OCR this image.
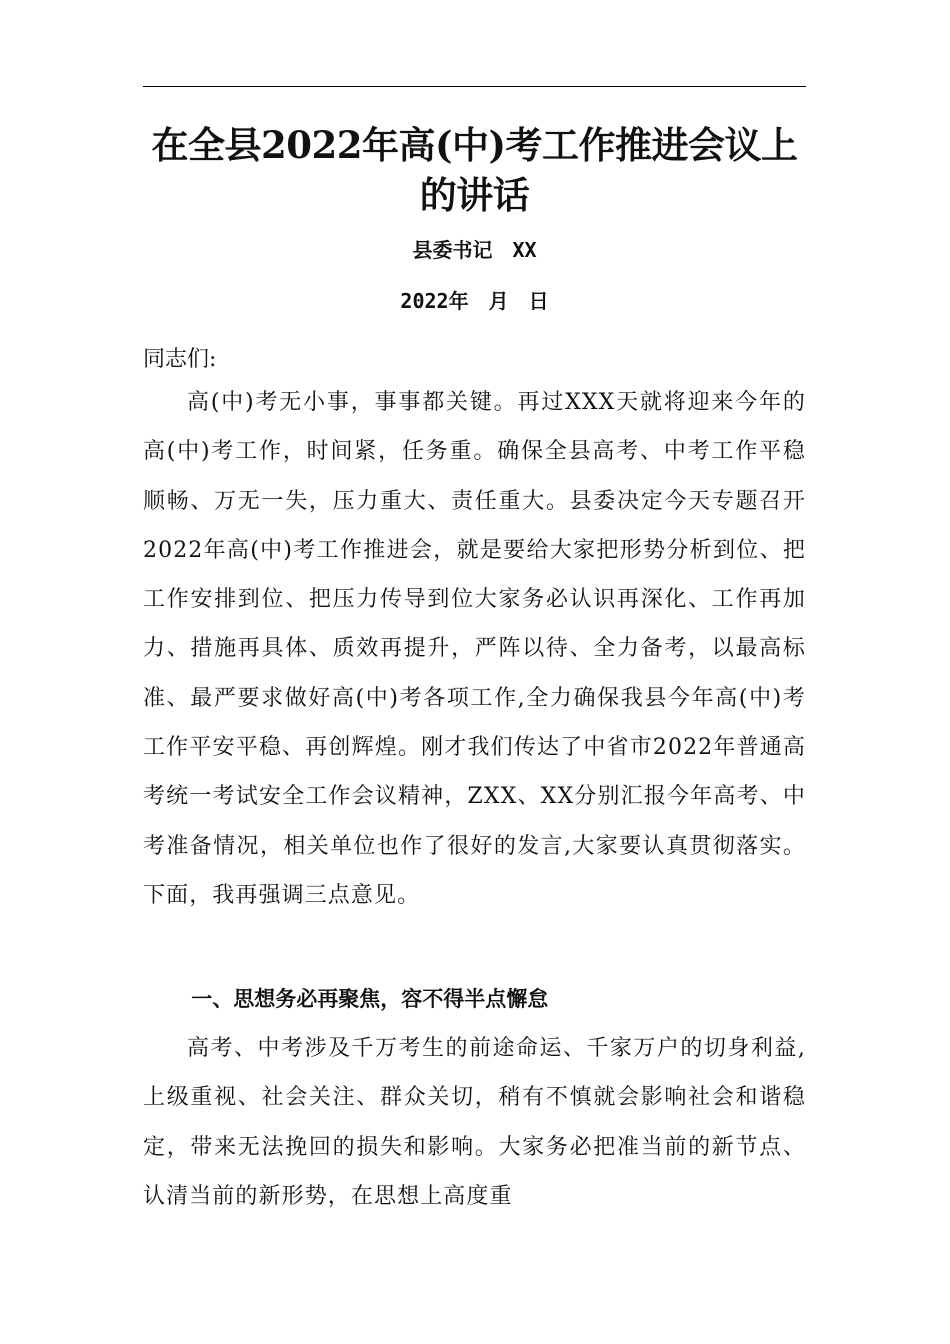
在全县2022年高(中)考工作推进会议上的讲话

县委书记　XX

2022年　月　日

同志们:

高(中)考无小事，事事都关键。再过XXX天就将迎来今年的高(中)考工作，时间紧，任务重。确保全县高考、中考工作平稳顺畅、万无一失，压力重大、责任重大。县委决定今天专题召开2022年高(中)考工作推进会，就是要给大家把形势分析到位、把工作安排到位、把压力传导到位大家务必认识再深化、工作再加力、措施再具体、质效再提升，严阵以待、全力备考，以最高标准、最严要求做好高(中)考各项工作,全力确保我县今年高(中)考工作平安平稳、再创辉煌。刚才我们传达了中省市2022年普通高考统一考试安全工作会议精神，ZXX、XX分别汇报今年高考、中考准备情况，相关单位也作了很好的发言,大家要认真贯彻落实。下面，我再强调三点意见。

一、思想务必再聚焦，容不得半点懈怠

高考、中考涉及千万考生的前途命运、千家万户的切身利益,上级重视、社会关注、群众关切，稍有不慎就会影响社会和谐稳定，带来无法挽回的损失和影响。大家务必把准当前的新节点、认清当前的新形势，在思想上高度重
